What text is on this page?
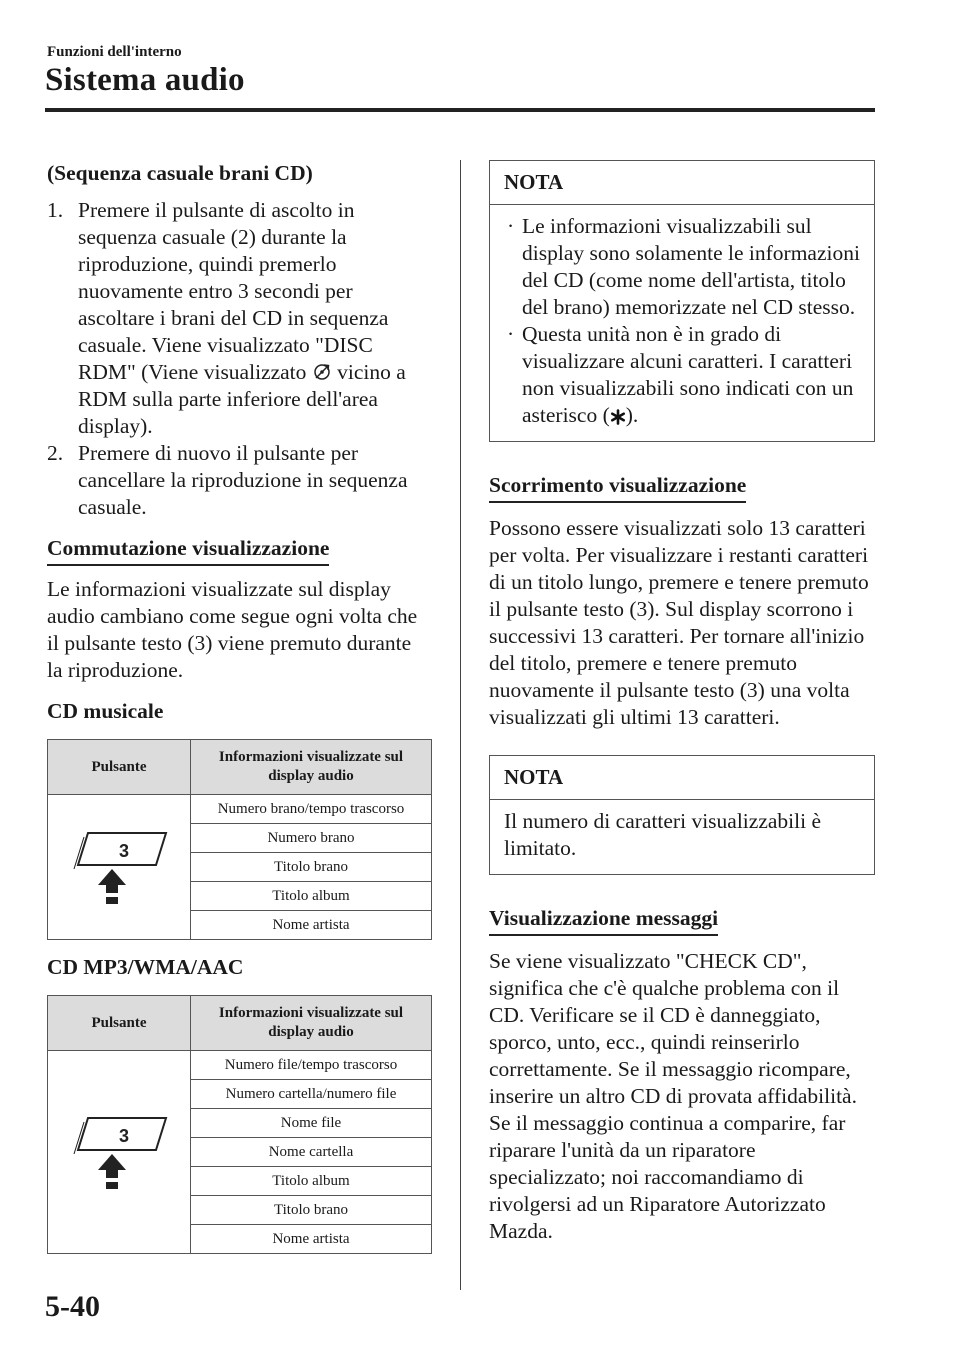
Funzioni dell'interno
Sistema audio
(Sequenza casuale brani CD)
1. Premere il pulsante di ascolto in sequenza casuale (2) durante la riproduzione, quindi premerlo nuovamente entro 3 secondi per ascoltare i brani del CD in sequenza casuale. Viene visualizzato "DISC RDM" (Viene visualizzato  vicino a RDM sulla parte inferiore dell'area display).
2. Premere di nuovo il pulsante per cancellare la riproduzione in sequenza casuale.
Commutazione visualizzazione

Le informazioni visualizzate sul display audio cambiano come segue ogni volta che il pulsante testo (3) viene premuto durante la riproduzione.

CD musicale
Pulsante	Informazioni visualizzate sul display audio

3	Numero brano/tempo trascorso
	Numero brano
	Titolo brano
	Titolo album
	Nome artista
CD MP3/WMA/AAC
Pulsante	Informazioni visualizzate sul display audio

3	Numero file/tempo trascorso
	Numero cartella/numero file
	Nome file
	Nome cartella
	Titolo album
	Titolo brano
	Nome artista
NOTA
· Le informazioni visualizzabili sul display sono solamente le informazioni del CD (come nome dell'artista, titolo del brano) memorizzate nel CD stesso.
· Questa unità non è in grado di visualizzare alcuni caratteri. I caratteri non visualizzabili sono indicati con un asterisco ( ).
Scorrimento visualizzazione

Possono essere visualizzati solo 13 caratteri per volta. Per visualizzare i restanti caratteri di un titolo lungo, premere e tenere premuto il pulsante testo (3). Sul display scorrono i successivi 13 caratteri. Per tornare all'inizio del titolo, premere e tenere premuto nuovamente il pulsante testo (3) una volta visualizzati gli ultimi 13 caratteri.

NOTA

Il numero di caratteri visualizzabili è limitato.

Visualizzazione messaggi

Se viene visualizzato "CHECK CD", significa che c'è qualche problema con il CD. Verificare se il CD è danneggiato, sporco, unto, ecc., quindi reinserirlo correttamente. Se il messaggio ricompare, inserire un altro CD di provata affidabilità. Se il messaggio continua a comparire, far riparare l'unità da un riparatore specializzato; noi raccomandiamo di rivolgersi ad un Riparatore Autorizzato Mazda.

5-40
